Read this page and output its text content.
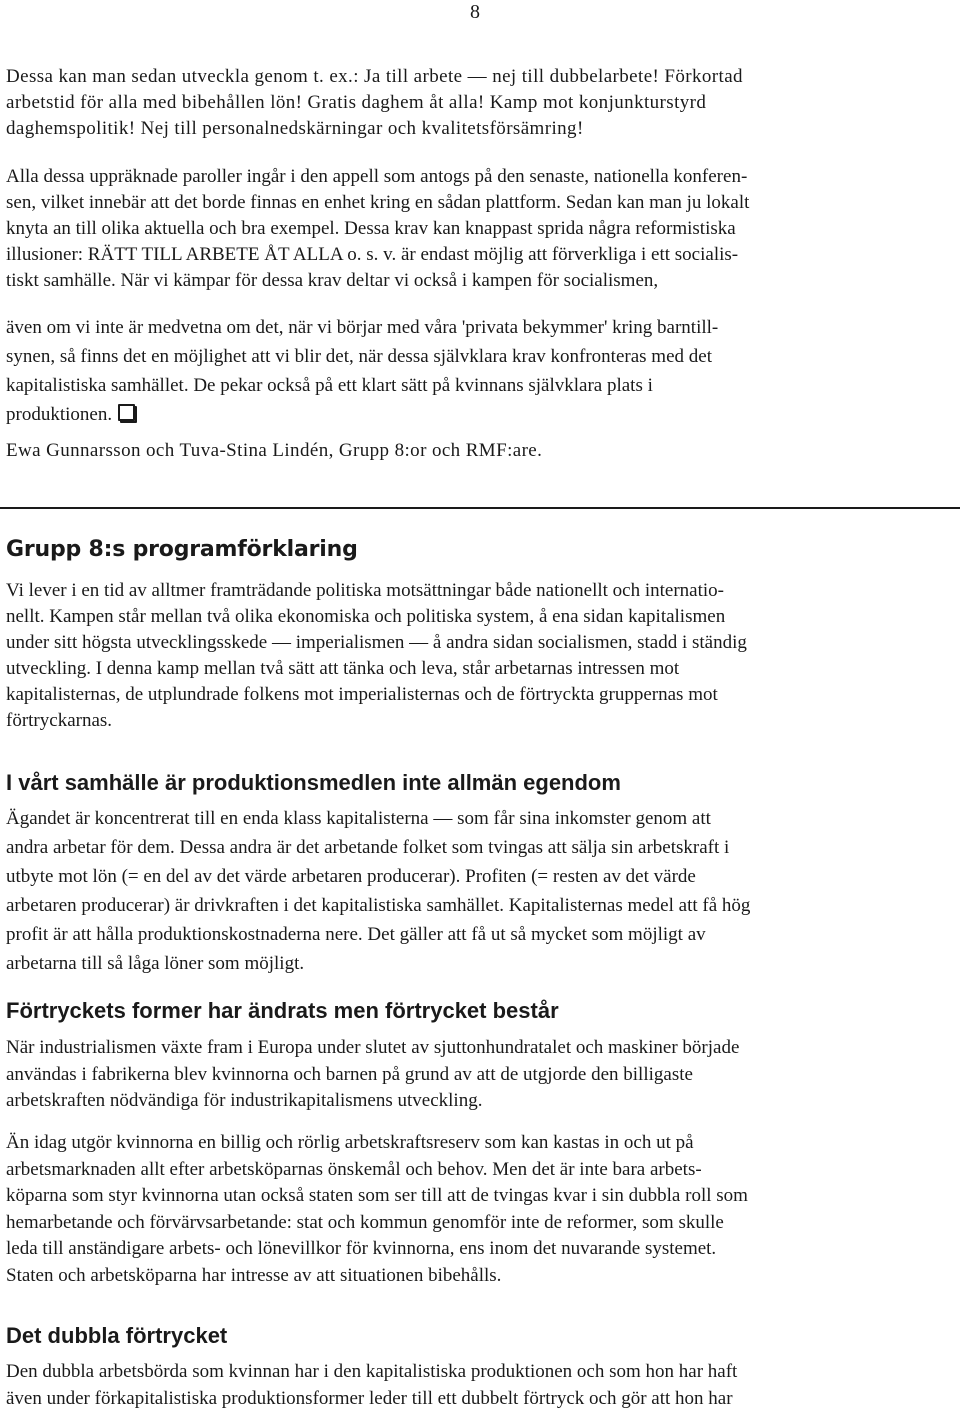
8

Dessa kan man sedan utveckla genom t. ex.: Ja till arbete — nej till dubbelarbete! Förkortad
arbetstid för alla med bibehållen lön! Gratis daghem åt alla! Kamp mot konjunkturstyrd
daghemspolitik! Nej till personalnedskärningar och kvalitetsförsämring!

Alla dessa uppräknade paroller ingår i den appell som antogs på den senaste, nationella konferen-
sen, vilket innebär att det borde finnas en enhet kring en sådan plattform. Sedan kan man ju lokalt
knyta an till olika aktuella och bra exempel. Dessa krav kan knappast sprida några reformistiska
illusioner: RÄTT TILL ARBETE ÅT ALLA o. s. v. är endast möjlig att förverkliga i ett socialis-
tiskt samhälle. När vi kämpar för dessa krav deltar vi också i kampen för socialismen,

även om vi inte är medvetna om det, när vi börjar med våra 'privata bekymmer' kring barntill-
synen, så finns det en möjlighet att vi blir det, när dessa självklara krav konfronteras med det
kapitalistiska samhället. De pekar också på ett klart sätt på kvinnans självklara plats i
produktionen.

Ewa Gunnarsson och Tuva-Stina Lindén, Grupp 8:or och RMF:are.

Grupp 8:s programförklaring

Vi lever i en tid av alltmer framträdande politiska motsättningar både nationellt och internatio-
nellt. Kampen står mellan två olika ekonomiska och politiska system, å ena sidan kapitalismen
under sitt högsta utvecklingsskede — imperialismen — å andra sidan socialismen, stadd i ständig
utveckling. I denna kamp mellan två sätt att tänka och leva, står arbetarnas intressen mot
kapitalisternas, de utplundrade folkens mot imperialisternas och de förtryckta gruppernas mot
förtryckarnas.

I vårt samhälle är produktionsmedlen inte allmän egendom

Ägandet är koncentrerat till en enda klass kapitalisterna — som får sina inkomster genom att
andra arbetar för dem. Dessa andra är det arbetande folket som tvingas att sälja sin arbetskraft i
utbyte mot lön (= en del av det värde arbetaren producerar). Profiten (= resten av det värde
arbetaren producerar) är drivkraften i det kapitalistiska samhället. Kapitalisternas medel att få hög
profit är att hålla produktionskostnaderna nere. Det gäller att få ut så mycket som möjligt av
arbetarna till så låga löner som möjligt.

Förtryckets former har ändrats men förtrycket består

När industrialismen växte fram i Europa under slutet av sjuttonhundratalet och maskiner började
användas i fabrikerna blev kvinnorna och barnen på grund av att de utgjorde den billigaste
arbetskraften nödvändiga för industrikapitalismens utveckling.

Än idag utgör kvinnorna en billig och rörlig arbetskraftsreserv som kan kastas in och ut på
arbetsmarknaden allt efter arbetsköparnas önskemål och behov. Men det är inte bara arbets-
köparna som styr kvinnorna utan också staten som ser till att de tvingas kvar i sin dubbla roll som
hemarbetande och förvärvsarbetande: stat och kommun genomför inte de reformer, som skulle
leda till anständigare arbets- och lönevillkor för kvinnorna, ens inom det nuvarande systemet.
Staten och arbetsköparna har intresse av att situationen bibehålls.

Det dubbla förtrycket

Den dubbla arbetsbörda som kvinnan har i den kapitalistiska produktionen och som hon har haft
även under förkapitalistiska produktionsformer leder till ett dubbelt förtryck och gör att hon har
